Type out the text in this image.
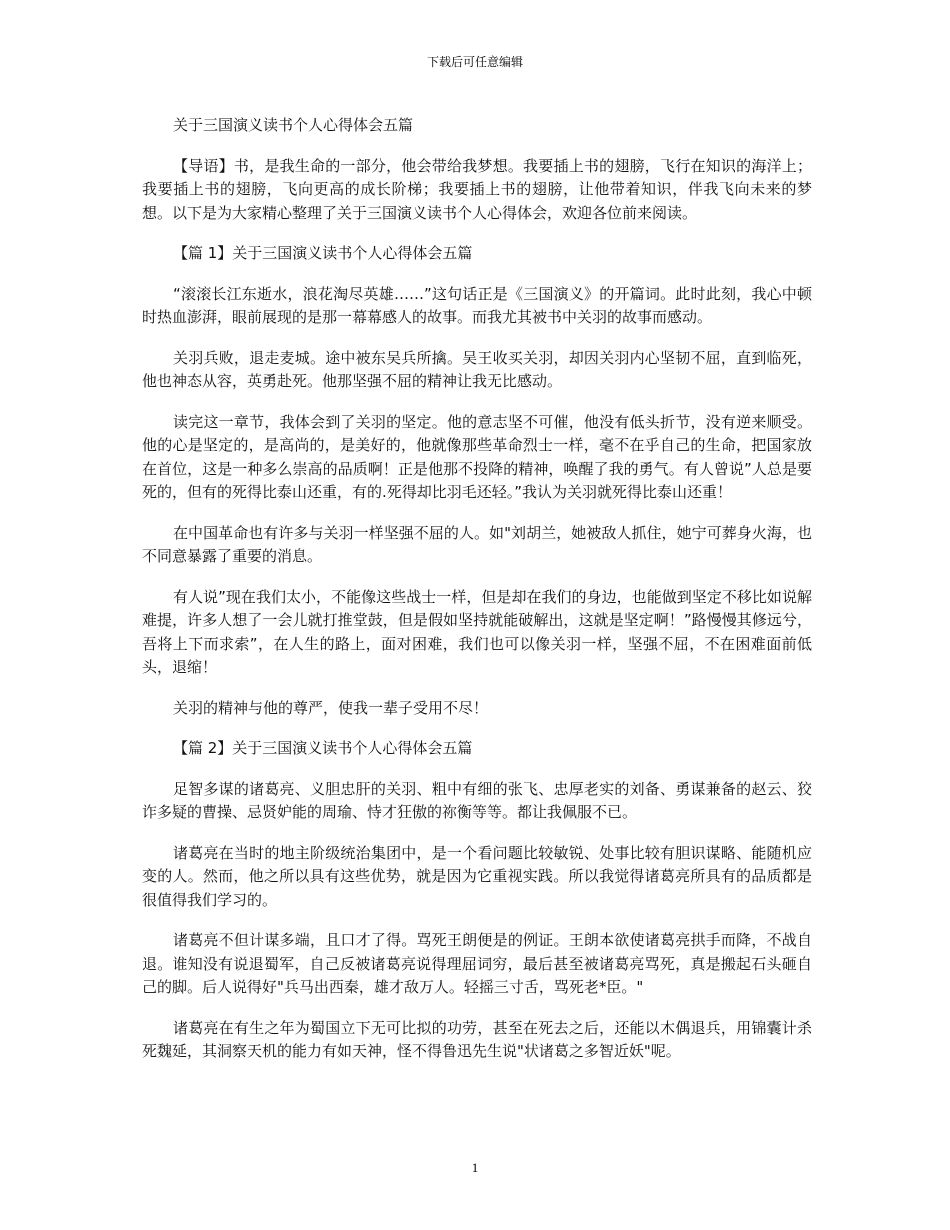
下载后可任意编辑

关于三国演义读书个人心得体会五篇

【导语】书，是我生命的一部分，他会带给我梦想。我要插上书的翅膀，飞行在知识的海洋上；我要插上书的翅膀，飞向更高的成长阶梯；我要插上书的翅膀，让他带着知识，伴我飞向未来的梦想。以下是为大家精心整理了关于三国演义读书个人心得体会，欢迎各位前来阅读。

【篇 1】关于三国演义读书个人心得体会五篇

“滚滚长江东逝水，浪花淘尽英雄……”这句话正是《三国演义》的开篇词。此时此刻，我心中顿时热血澎湃，眼前展现的是那一幕幕感人的故事。而我尤其被书中关羽的故事而感动。

关羽兵败，退走麦城。途中被东吴兵所擒。吴王收买关羽，却因关羽内心坚韧不屈，直到临死，他也神态从容，英勇赴死。他那坚强不屈的精神让我无比感动。

读完这一章节，我体会到了关羽的坚定。他的意志坚不可催，他没有低头折节，没有逆来顺受。他的心是坚定的，是高尚的，是美好的，他就像那些革命烈士一样，毫不在乎自己的生命，把国家放在首位，这是一种多么崇高的品质啊！正是他那不投降的精神，唤醒了我的勇气。有人曾说”人总是要死的，但有的死得比泰山还重，有的.死得却比羽毛还轻。”我认为关羽就死得比泰山还重！

在中国革命也有许多与关羽一样坚强不屈的人。如"刘胡兰，她被敌人抓住，她宁可葬身火海，也不同意暴露了重要的消息。

有人说”现在我们太小，不能像这些战士一样，但是却在我们的身边，也能做到坚定不移比如说解难提，许多人想了一会儿就打推堂鼓，但是假如坚持就能破解出，这就是坚定啊！”路慢慢其修远兮，吾将上下而求索”，在人生的路上，面对困难，我们也可以像关羽一样，坚强不屈，不在困难面前低头，退缩！

关羽的精神与他的尊严，使我一辈子受用不尽！

【篇 2】关于三国演义读书个人心得体会五篇

足智多谋的诸葛亮、义胆忠肝的关羽、粗中有细的张飞、忠厚老实的刘备、勇谋兼备的赵云、狡诈多疑的曹操、忌贤妒能的周瑜、恃才狂傲的祢衡等等。都让我佩服不已。

诸葛亮在当时的地主阶级统治集团中，是一个看问题比较敏锐、处事比较有胆识谋略、能随机应变的人。然而，他之所以具有这些优势，就是因为它重视实践。所以我觉得诸葛亮所具有的品质都是很值得我们学习的。

诸葛亮不但计谋多端，且口才了得。骂死王朗便是的例证。王朗本欲使诸葛亮拱手而降，不战自退。谁知没有说退蜀军，自己反被诸葛亮说得理屈词穷，最后甚至被诸葛亮骂死，真是搬起石头砸自己的脚。后人说得好"兵马出西秦，雄才敌万人。轻摇三寸舌，骂死老*臣。"

诸葛亮在有生之年为蜀国立下无可比拟的功劳，甚至在死去之后，还能以木偶退兵，用锦囊计杀死魏延，其洞察天机的能力有如天神，怪不得鲁迅先生说"状诸葛之多智近妖"呢。

1
